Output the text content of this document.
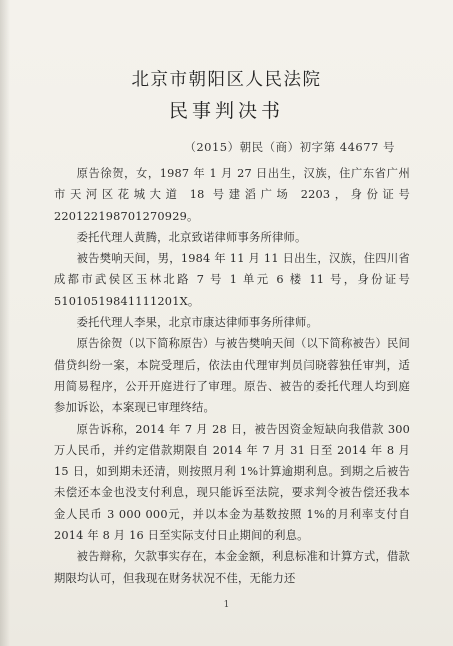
北京市朝阳区人民法院
民事判决书
（2015）朝民（商）初字第 44677 号

原告徐贺，女，1987 年 1 月 27 日出生，汉族，住广东省广州市天河区花城大道 18 号建滔广场 2203，身份证号 220122198701270929。

委托代理人黄腾，北京致诺律师事务所律师。

被告樊响天间，男，1984 年 11 月 11 日出生，汉族，住四川省成都市武侯区玉林北路 7 号 1 单元 6 楼 11 号，身份证号 51010519841111201X。

委托代理人李果，北京市康达律师事务所律师。

原告徐贺（以下简称原告）与被告樊响天间（以下简称被告）民间借贷纠纷一案，本院受理后，依法由代理审判员闫晓蓉独任审判，适用简易程序，公开开庭进行了审理。原告、被告的委托代理人均到庭参加诉讼，本案现已审理终结。

原告诉称，2014 年 7 月 28 日，被告因资金短缺向我借款 300 万人民币，并约定借款期限自 2014 年 7 月 31 日至 2014 年 8 月 15 日，如到期未还清，则按照月利 1%计算逾期利息。到期之后被告未偿还本金也没支付利息，现只能诉至法院，要求判令被告偿还我本金人民币 3 000 000元，并以本金为基数按照 1%的月利率支付自 2014 年 8 月 16 日至实际支付日止期间的利息。

被告辩称，欠款事实存在，本金金额，利息标准和计算方式，借款期限均认可，但我现在财务状况不佳，无能力还

1
